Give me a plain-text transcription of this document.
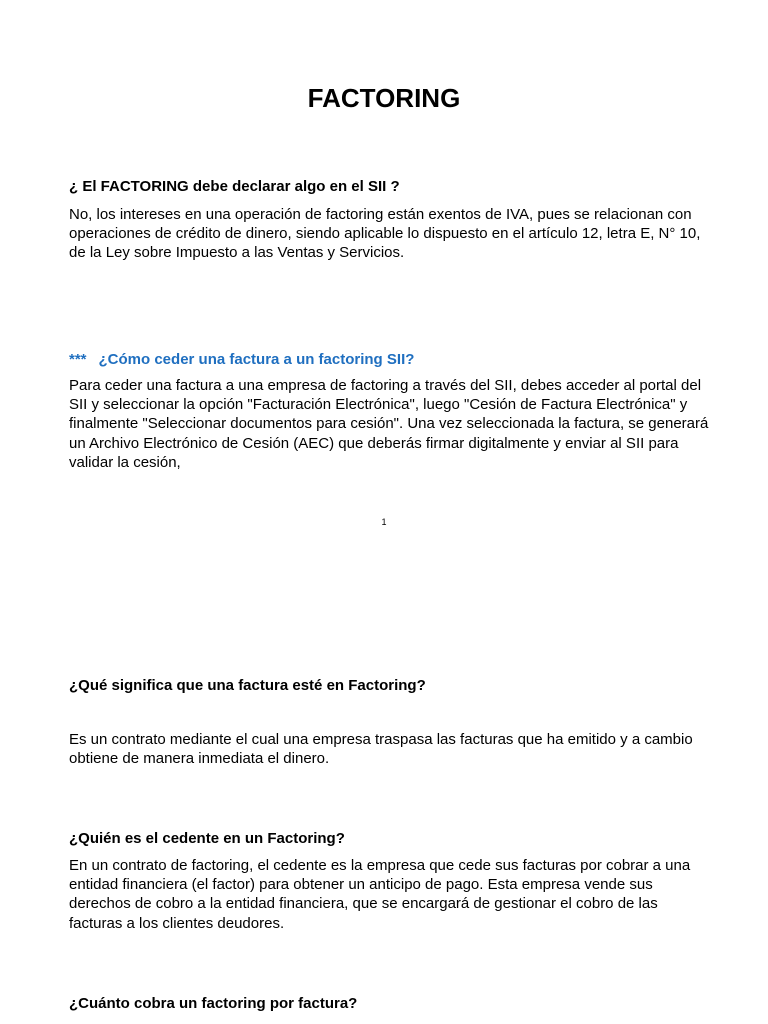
FACTORING

¿ El FACTORING debe declarar algo en el SII ?

No, los intereses en una operación de factoring están exentos de IVA, pues se relacionan con operaciones de crédito de dinero, siendo aplicable lo dispuesto en el artículo 12, letra E, N° 10, de la Ley sobre Impuesto a las Ventas y Servicios.

*** ¿Cómo ceder una factura a un factoring SII?

Para ceder una factura a una empresa de factoring a través del SII, debes acceder al portal del SII y seleccionar la opción "Facturación Electrónica", luego "Cesión de Factura Electrónica" y finalmente "Seleccionar documentos para cesión". Una vez seleccionada la factura, se generará un Archivo Electrónico de Cesión (AEC) que deberás firmar digitalmente y enviar al SII para validar la cesión,

1

¿Qué significa que una factura esté en Factoring?

Es un contrato mediante el cual una empresa traspasa las facturas que ha emitido y a cambio obtiene de manera inmediata el dinero.

¿Quién es el cedente en un Factoring?

En un contrato de factoring, el cedente es la empresa que cede sus facturas por cobrar a una entidad financiera (el factor) para obtener un anticipo de pago. Esta empresa vende sus derechos de cobro a la entidad financiera, que se encargará de gestionar el cobro de las facturas a los clientes deudores.

¿Cuánto cobra un factoring por factura?
